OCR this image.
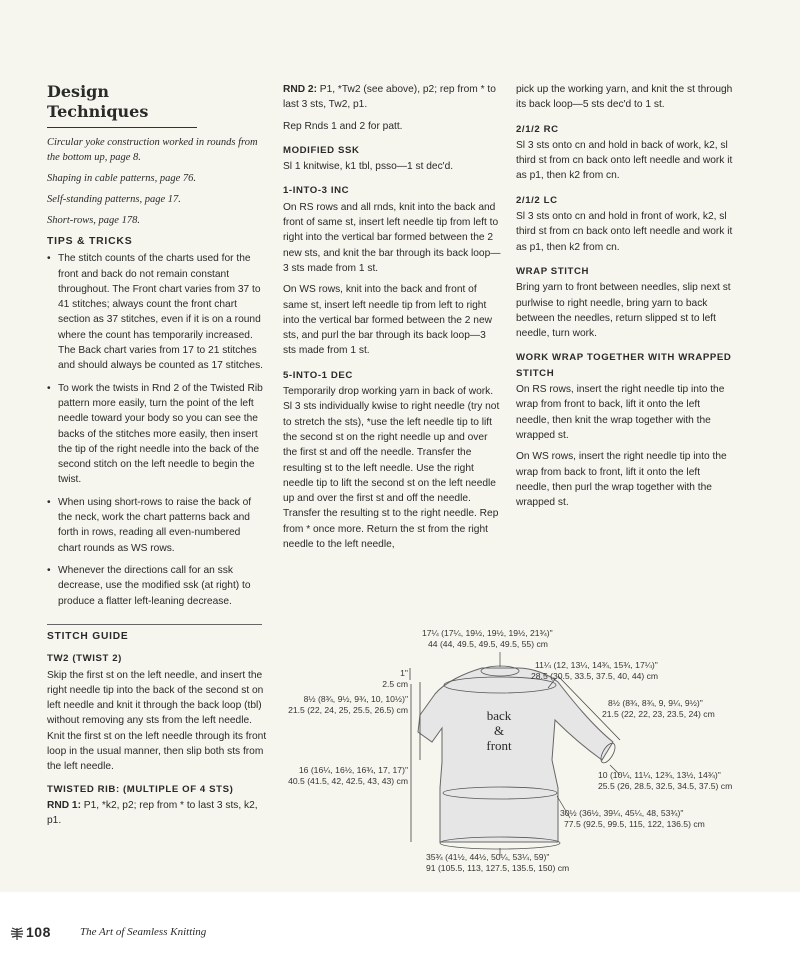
Design Techniques

Circular yoke construction worked in rounds from the bottom up, page 8.

Shaping in cable patterns, page 76.

Self-standing patterns, page 17.

Short-rows, page 178.

TIPS & TRICKS
• The stitch counts of the charts used for the front and back do not remain constant throughout. The Front chart varies from 37 to 41 stitches; always count the front chart section as 37 stitches, even if it is on a round where the count has temporarily increased. The Back chart varies from 17 to 21 stitches and should always be counted as 17 stitches.
• To work the twists in Rnd 2 of the Twisted Rib pattern more easily, turn the point of the left needle toward your body so you can see the backs of the stitches more easily, then insert the tip of the right needle into the back of the second stitch on the left needle to begin the twist.
• When using short-rows to raise the back of the neck, work the chart patterns back and forth in rows, reading all even-numbered chart rounds as WS rows.
• Whenever the directions call for an ssk decrease, use the modified ssk (at right) to produce a flatter left-leaning decrease.

RND 2: P1, *Tw2 (see above), p2; rep from * to last 3 sts, Tw2, p1.

Rep Rnds 1 and 2 for patt.

MODIFIED SSK

Sl 1 knitwise, k1 tbl, psso—1 st dec'd.

1-INTO-3 INC

On RS rows and all rnds, knit into the back and front of same st, insert left needle tip from left to right into the vertical bar formed between the 2 new sts, and knit the bar through its back loop—3 sts made from 1 st.

On WS rows, knit into the back and front of same st, insert left needle tip from left to right into the vertical bar formed between the 2 new sts, and purl the bar through its back loop—3 sts made from 1 st.

5-INTO-1 DEC

Temporarily drop working yarn in back of work. Sl 3 sts individually kwise to right needle (try not to stretch the sts), *use the left needle tip to lift the second st on the right needle up and over the first st and off the needle. Transfer the resulting st to the left needle. Use the right needle tip to lift the second st on the left needle up and over the first st and off the needle. Transfer the resulting st to the right needle. Rep from * once more. Return the st from the right needle to the left needle,

pick up the working yarn, and knit the st through its back loop—5 sts dec'd to 1 st.

2/1/2 RC

Sl 3 sts onto cn and hold in back of work, k2, sl third st from cn back onto left needle and work it as p1, then k2 from cn.

2/1/2 LC

Sl 3 sts onto cn and hold in front of work, k2, sl third st from cn back onto left needle and work it as p1, then k2 from cn.

WRAP STITCH

Bring yarn to front between needles, slip next st purlwise to right needle, bring yarn to back between the needles, return slipped st to left needle, turn work.

WORK WRAP TOGETHER WITH WRAPPED STITCH

On RS rows, insert the right needle tip into the wrap from front to back, lift it onto the left needle, then knit the wrap together with the wrapped st.

On WS rows, insert the right needle tip into the wrap from back to front, lift it onto the left needle, then purl the wrap together with the wrapped st.

STITCH GUIDE
TW2 (TWIST 2)

Skip the first st on the left needle, and insert the right needle tip into the back of the second st on left needle and knit it through the back loop (tbl) without removing any sts from the left needle. Knit the first st on the left needle through its front loop in the usual manner, then slip both sts from the left needle.

TWISTED RIB: (MULTIPLE OF 4 STS)

RND 1: P1, *k2, p2; rep from * to last 3 sts, k2, p1.

back
&
front
17¼ (17¼, 19½, 19½, 19½, 21¾)"
44 (44, 49.5, 49.5, 49.5, 55) cm
11¼ (12, 13¼, 14¾, 15¾, 17¼)"
28.5 (30.5, 33.5, 37.5, 40, 44) cm
1"
2.5 cm
8½ (8¾, 9½, 9¾, 10, 10½)"
21.5 (22, 24, 25, 25.5, 26.5) cm
8½ (8¾, 8¾, 9, 9¼, 9½)"
21.5 (22, 22, 23, 23.5, 24) cm
16 (16¼, 16½, 16¾, 17, 17)"
40.5 (41.5, 42, 42.5, 43, 43) cm
10 (10¼, 11¼, 12¾, 13½, 14¾)"
25.5 (26, 28.5, 32.5, 34.5, 37.5) cm
30½ (36½, 39¼, 45¼, 48, 53¾)"
77.5 (92.5, 99.5, 115, 122, 136.5) cm
35¾ (41½, 44½, 50¼, 53¼, 59)"
91 (105.5, 113, 127.5, 135.5, 150) cm
108	The Art of Seamless Knitting
